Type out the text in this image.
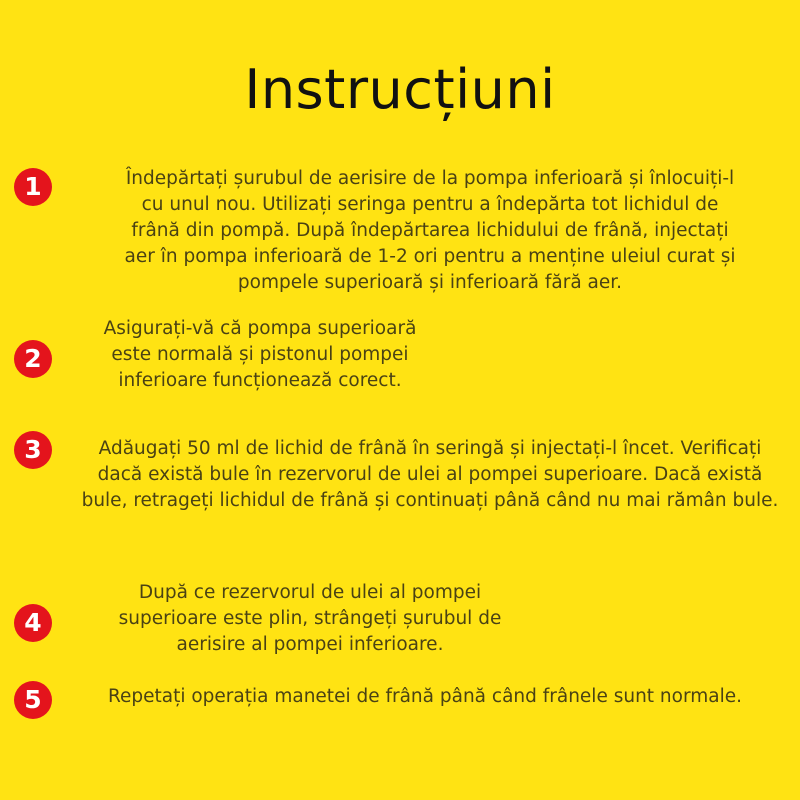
Instrucțiuni
1	Îndepărtați șurubul de aerisire de la pompa inferioară și înlocuiți-l
cu unul nou. Utilizați seringa pentru a îndepărta tot lichidul de
frână din pompă. După îndepărtarea lichidului de frână, injectați
aer în pompa inferioară de 1-2 ori pentru a menține uleiul curat și
pompele superioară și inferioară fără aer.

2

Asigurați-vă că pompa superioară
este normală și pistonul pompei
inferioare funcționează corect.

3	Adăugați 50 ml de lichid de frână în seringă și injectați-l încet. Verificați
dacă există bule în rezervorul de ulei al pompei superioare. Dacă există
bule, retrageți lichidul de frână și continuați până când nu mai rămân bule.

4

După ce rezervorul de ulei al pompei
superioare este plin, strângeți șurubul de
aerisire al pompei inferioare.

5	Repetați operația manetei de frână până când frânele sunt normale.
